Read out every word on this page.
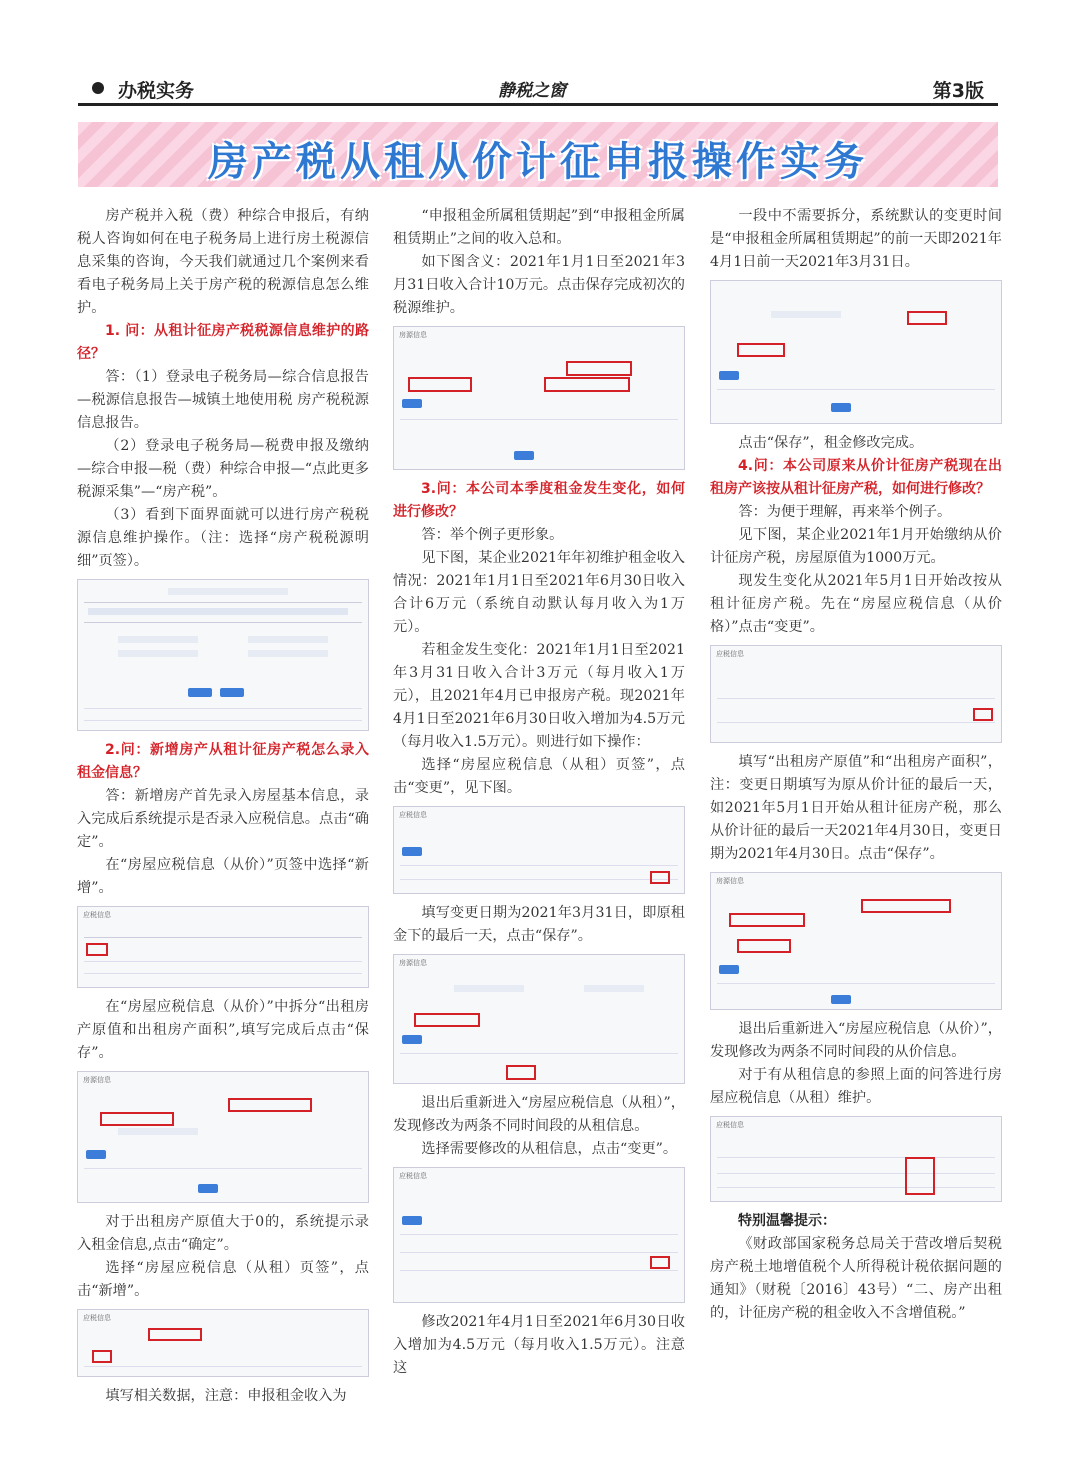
办税实务	静税之窗	第3版
房产税从租从价计征申报操作实务

房产税并入税（费）种综合申报后，有纳税人咨询如何在电子税务局上进行房土税源信息采集的咨询，今天我们就通过几个案例来看看电子税务局上关于房产税的税源信息怎么维护。

1. 问：从租计征房产税税源信息维护的路径？

答：（1）登录电子税务局—综合信息报告—税源信息报告—城镇土地使用税 房产税税源信息报告。

（2）登录电子税务局—税费申报及缴纳—综合申报—税（费）种综合申报—“点此更多税源采集”—“房产税”。

（3）看到下面界面就可以进行房产税税源信息维护操作。（注：选择“房产税税源明细”页签）。

2.问：新增房产从租计征房产税怎么录入租金信息？

答：新增房产首先录入房屋基本信息，录入完成后系统提示是否录入应税信息。点击“确定”。

在“房屋应税信息（从价）”页签中选择“新增”。

应税信息

在“房屋应税信息（从价）”中拆分“出租房产原值和出租房产面积”,填写完成后点击“保存”。

房源信息

对于出租房产原值大于0的，系统提示录入租金信息,点击“确定”。

选择“房屋应税信息（从租）页签”，点击“新增”。

应税信息

填写相关数据，注意：申报租金收入为

“申报租金所属租赁期起”到“申报租金所属租赁期止”之间的收入总和。

如下图含义：2021年1月1日至2021年3月31日收入合计10万元。点击保存完成初次的税源维护。

房源信息

3.问：本公司本季度租金发生变化，如何进行修改？

答：举个例子更形象。

见下图，某企业2021年年初维护租金收入情况：2021年1月1日至2021年6月30日收入合计6万元（系统自动默认每月收入为1万元）。

若租金发生变化：2021年1月1日至2021年3月31日收入合计3万元（每月收入1万元），且2021年4月已申报房产税。现2021年4月1日至2021年6月30日收入增加为4.5万元（每月收入1.5万元）。则进行如下操作：

选择“房屋应税信息（从租）页签”，点击“变更”，见下图。

应税信息

填写变更日期为2021年3月31日，即原租金下的最后一天，点击“保存”。

房源信息

退出后重新进入“房屋应税信息（从租）”，发现修改为两条不同时间段的从租信息。

选择需要修改的从租信息，点击“变更”。

应税信息

修改2021年4月1日至2021年6月30日收入增加为4.5万元（每月收入1.5万元）。注意这

一段中不需要拆分，系统默认的变更时间是“申报租金所属租赁期起”的前一天即2021年4月1日前一天2021年3月31日。

点击“保存”，租金修改完成。

4.问：本公司原来从价计征房产税现在出租房产该按从租计征房产税，如何进行修改？

答：为便于理解，再来举个例子。

见下图，某企业2021年1月开始缴纳从价计征房产税，房屋原值为1000万元。

现发生变化从2021年5月1日开始改按从租计征房产税。先在“房屋应税信息（从价格）”点击“变更”。

应税信息

填写“出租房产原值”和“出租房产面积”，注：变更日期填写为原从价计征的最后一天，如2021年5月1日开始从租计征房产税，那么从价计征的最后一天2021年4月30日，变更日期为2021年4月30日。点击“保存”。

房源信息

退出后重新进入“房屋应税信息（从价）”，发现修改为两条不同时间段的从价信息。

对于有从租信息的参照上面的问答进行房屋应税信息（从租）维护。

应税信息

特别温馨提示：

《财政部国家税务总局关于营改增后契税房产税土地增值税个人所得税计税依据问题的通知》（财税〔2016〕43号）“二、房产出租的，计征房产税的租金收入不含增值税。”
